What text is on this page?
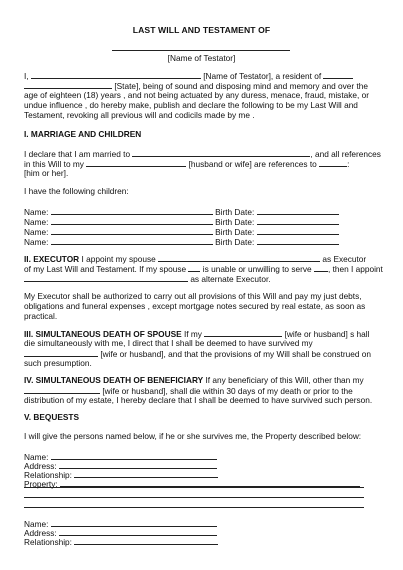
LAST WILL AND TESTAMENT OF
[Name of Testator]
I,	[Name of Testator], a resident of
[State], being of sound and disposing mind and memory and over the
age of eighteen (18) years , and not being actuated by any duress, menace, fraud, mistake, or
undue influence , do hereby make, publish and declare the following to be my Last Will and
Testament, revoking all previous will and codicils made by me .
I. MARRIAGE AND CHILDREN
I declare that I am married to	, and all references
in this Will to my	[husband or wife] are references to	:
[him or her].
I have the following children:
Name:	Birth Date:
Name:	Birth Date:
Name:	Birth Date:
Name:	Birth Date:
II. EXECUTOR I appoint my spouse	as Executor
of my Last Will and Testament. If my spouse is unable or unwilling to serve , then I appoint
as alternate Executor.
My Executor shall be authorized to carry out all provisions of this Will and pay my just debts,
obligations and funeral expenses , except mortgage notes secured by real estate, as soon as
practical.
III. SIMULTANEOUS DEATH OF SPOUSE If my	[wife or husband] s hall
die simultaneously with me, I direct that I shall be deemed to have survived my
[wife or husband], and that the provisions of my Will shall be construed on
such presumption.
IV. SIMULTANEOUS DEATH OF BENEFICIARY If any beneficiary of this Will, other than my
[wife or husband], shall die within 30 days of my death or prior to the
distribution of my estate, I hereby declare that I shall be deemed to have survived such person.
V. BEQUESTS
I will give the persons named below, if he or she survives me, the Property described below:
Name:
Address:
Relationship:
Property:
Name:
Address:
Relationship:
